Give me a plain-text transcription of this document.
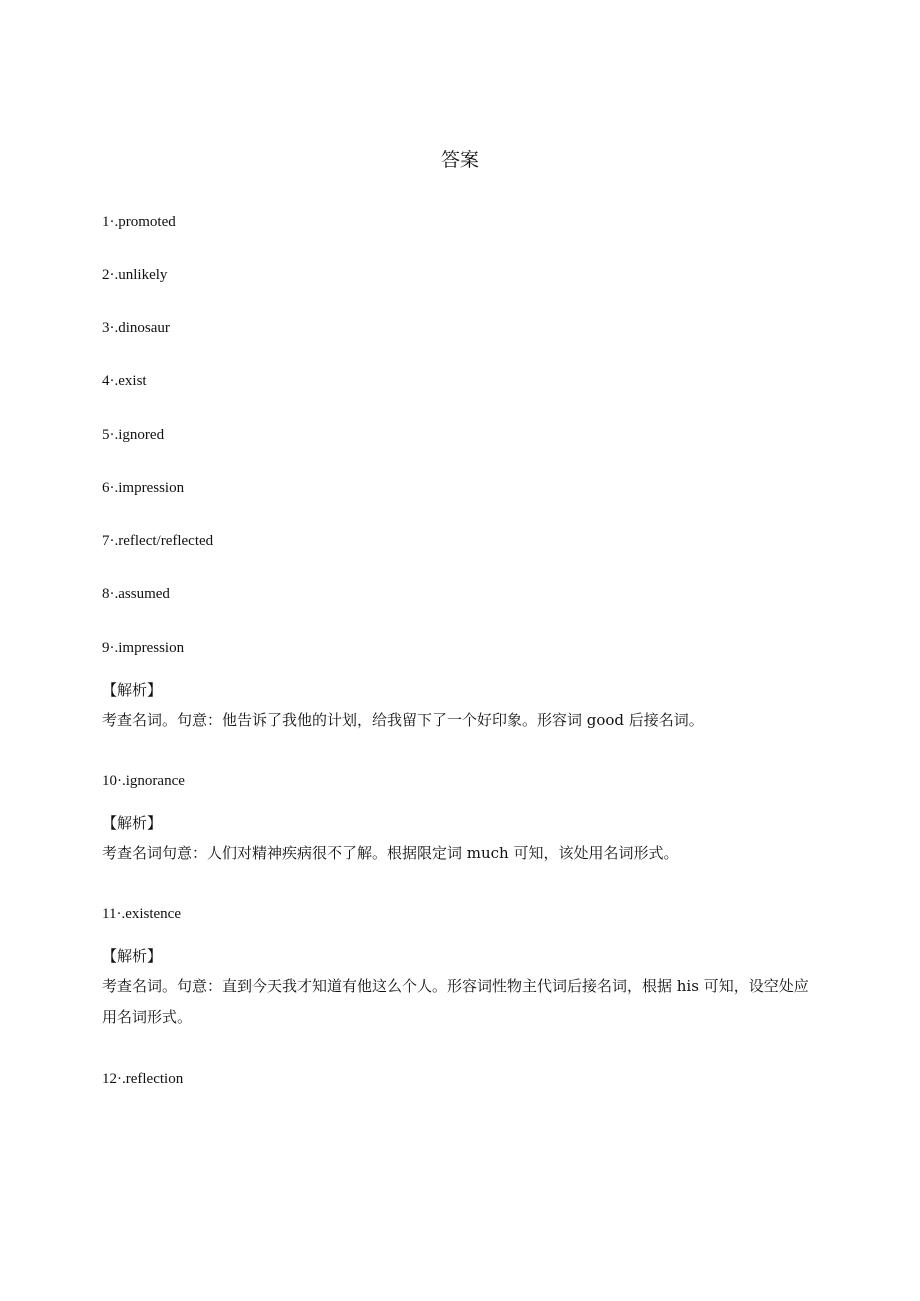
答案
1·.promoted
2·.unlikely
3·.dinosaur
4·.exist
5·.ignored
6·.impression
7·.reflect/reflected
8·.assumed
9·.impression
【解析】
考查名词。句意：他告诉了我他的计划，给我留下了一个好印象。形容词 good 后接名词。
10·.ignorance
【解析】
考查名词句意：人们对精神疾病很不了解。根据限定词 much 可知，该处用名词形式。
11·.existence
【解析】
考查名词。句意：直到今天我才知道有他这么个人。形容词性物主代词后接名词，根据 his 可知，设空处应用名词形式。
12·.reflection
